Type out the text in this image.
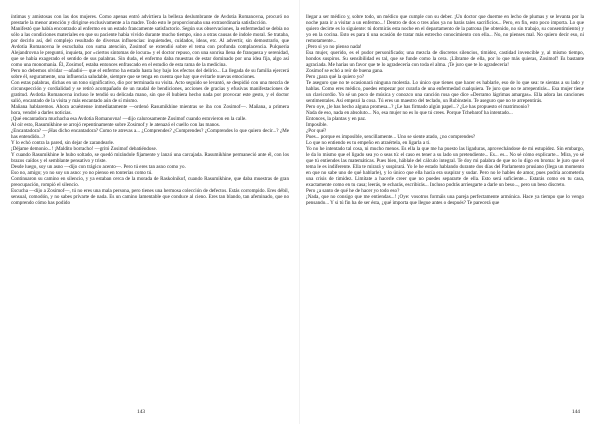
íntimas y amistosas con las dos mujeres. Como apenas entró advirtiera la belleza deslumbrante de Avdotia Romanovna, procuró no prestarle la menor atención y dirigirse exclusivamente a la madre. Todo esto le proporcionaba una extraordinaria satisfacción.

Manifestó que había encontrado al enfermo en un estado francamente satisfactorio. Según sus observaciones, la enfermedad se debía no sólo a las condiciones materiales en que su paciente había vivido durante mucho tiempo, sino a otras causas de índole moral. Se trataba, por decirlo así, del complejo resultado de diversas influencias: inquietudes, cuidados, ideas, etc. Al advertir, sin demostrarlo, que Avdotia Romanovna le escuchaba con suma atención, Zosimof se extendió sobre el tema con profunda complacencia. Pulqueria Alejandrovna le preguntó, inquieta, por «ciertos síntomas de locura» y el doctor repuso, con una sonrisa llena de franqueza y serenidad, que se había exagerado el sentido de sus palabras. Sin duda, el enfermo daba muestras de estar dominado por una idea fija, algo así como una monomanía. Él, Zosimof, estaba entonces enfrascado en el estudio de esta rama de la medicina.

Pero no debemos olvidar —añadió— que el enfermo ha estado hasta hoy bajo los efectos del delirio... La llegada de su familia ejercerá sobre él, seguramente, una influencia saludable, siempre que se tenga en cuenta que hay que evitarle nuevas emociones.

Con estas palabras, dichas en un tono significativo, dio por terminada su visita. Acto seguido se levantó, se despidió con una mezcla de circunspección y cordialidad y se retiró acompañado de un raudal de bendiciones, acciones de gracias y efusivas manifestaciones de gratitud. Avdotia Romanovna incluso le tendió su delicada mano, sin que él hubiera hecho nada por provocar este gesto, y el doctor salió, encantado de la visita y más encantado aún de sí mismo.

Mañana hablaremos. Ahora acuéstense inmediatamente —ordenó Rasumikhine mientras se iba con Zosimof—. Mañana, a primera hora, vendré a darles noticias.

¡Qué encantadora muchacha esa Avdotia Romanovna! —dijo calurosamente Zosimof cuando estuvieron en la calle.

Al oír esto, Rasumikhine se arrojó repentinamente sobre Zosimof y le atenazó el cuello con las manos.

¿Encantadora? —¡Has dicho encantadora? Como te atrevas a... ¿Comprendes? ¿Comprendes? ¿Comprendes lo que quiero decir...? ¿Me has entendido...?

Y lo echó contra la pared, sin dejar de zarandearle.

¡Déjame demonio...! ¡Maldito borracho! —gritó Zosimof debatiéndose.

Y cuando Rasumikhine le hubo soltado, se quedó mirándole fijamente y lanzó una carcajada. Rasumikhine permaneció ante él, con los brazos caídos y el semblante pensativo y triste.

Desde luego, soy un asno —dijo con trágico acento—. Pero tú eres tan asno como yo.

Eso no, amigo; yo no soy un asno: yo no pienso en tonterías como tú.

Continuaron su camino en silencio, y ya estaban cerca de la morada de Raskolnikof, cuando Rasumikhine, que daba muestras de gran preocupación, rompió el silencio.

Escucha —dijo a Zosimof—, tú no eres una mala persona, pero tienes una hermosa colección de defectos. Estás corrompido. Eres débil, sensual, comodón, y no sabes privarte de nada. Es un camino lamentable que conduce al cieno. Eres tan blando, tan afeminado, que no comprendo cómo has podido

143

llegar a ser médico y, sobre todo, un médico que cumple con su deber. ¡Un doctor que duerme en lecho de plumas y se levanta por la noche para ir a visitar a un enfermo...! Dentro de dos o tres años ya no harás tales sacrificios... Pero, en fin, esto poco importa. Lo que quiero decirte es lo siguiente: tú dormirás esta noche en el departamento de la patrona (he obtenido, no sin trabajo, su consentimiento) y yo en la cocina. Esto es para ti una ocasión de tratar más estrecho conocimiento con ella... No, no pienses mal. No quiero decir eso, ni remotamente...

¡Pero si yo no pienso nada!

Esa mujer, querido, es el pudor personificado; una mezcla de discretos silencios, timidez, castidad invencible y, al mismo tiempo, hondos suspiros. Su sensibilidad es tal, que se funde como la cera. ¡Líbrame de ella, por lo que más quieras, Zosimof! Es bastante agraciada. Me harías un favor que te lo agradecería con toda el alma. ¡Te juro que te lo agradecería!

Zosimof se echó a reír de buena gana.

Pero ¿para qué la quiero yo?

Te aseguro que no te ocasionará ninguna molestia. Lo único que tienes que hacer es hablarle, eso de lo que sea: te sientas a su lado y hablas. Como eres médico, puedes empezar por curarla de una enfermedad cualquiera. Te juro que no te arrepentirás... Esa mujer tiene un clavicordio. Yo sé un poco de música y conozco una canción rusa que dice «Derramo lágrimas amargas». Ella adora las canciones sentimentales. Así empezó la cosa. Tú eres un maestro del teclado, un Rubinstein. Te aseguro que no te arrepentirás.

Pero oye, ¿le has hecho alguna promesa...? ¿Le has firmado algún papel...? ¿Le has propuesto el matrimonio?

Nada de eso, nada en absoluto... No, esa mujer no es lo que tú crees. Porque Tchebarof ha intentado...

Entonces, la plantas y en paz.

Imposible.

¿Por qué?

Pues... porque es imposible, sencillamente... Uno se siente atado, ¿no comprendes?

Lo que no entiendo es tu empeño en atraértela, en ligarla a ti.

Yo no he intentado tal cosa, ni mucho menos. Es ella la que me ha puesto las ligaduras, aprovechándose de mi estupidez. Sin embargo, le da lo mismo que el ligado sea yo o seas tú: el caso es tener a su lado un pretendiente... Es... es... No sé cómo explicarte... Mira, yo sé que tú entiendes las matemáticas. Pues bien, háblale del cálculo integral. Te doy mi palabra de que no lo digo en broma: le juro que el tema le es indiferente. Ella te mirará y suspirará. Yo le he estado hablando durante dos días del Parlamento prusiano (llega un momento en que no sabe uno de qué hablarle), y lo único que ella hacía era suspirar y sudar. Pero no le hables de amor, pues podría acometerla una crisis de timidez. Limítate a hacerle creer que no puedes separarte de ella. Esto será suficiente... Estarás como en tu casa, exactamente como en tu casa; leerás, te echarás, escribirás... Incluso podrás arriesgarte a darle un beso..., pero un beso discreto.

Pero ¿a santo de qué he de hacer yo todo eso?

¡Nada, que no consigo que me entiendas...! ¡Oye: vosotros formáis una pareja perfectamente armónica. Hace ya tiempo que lo vengo pensando... Y si tú fin ha de ser ésta, ¿qué importa que llegue antes o después? Te parecerá que

144
